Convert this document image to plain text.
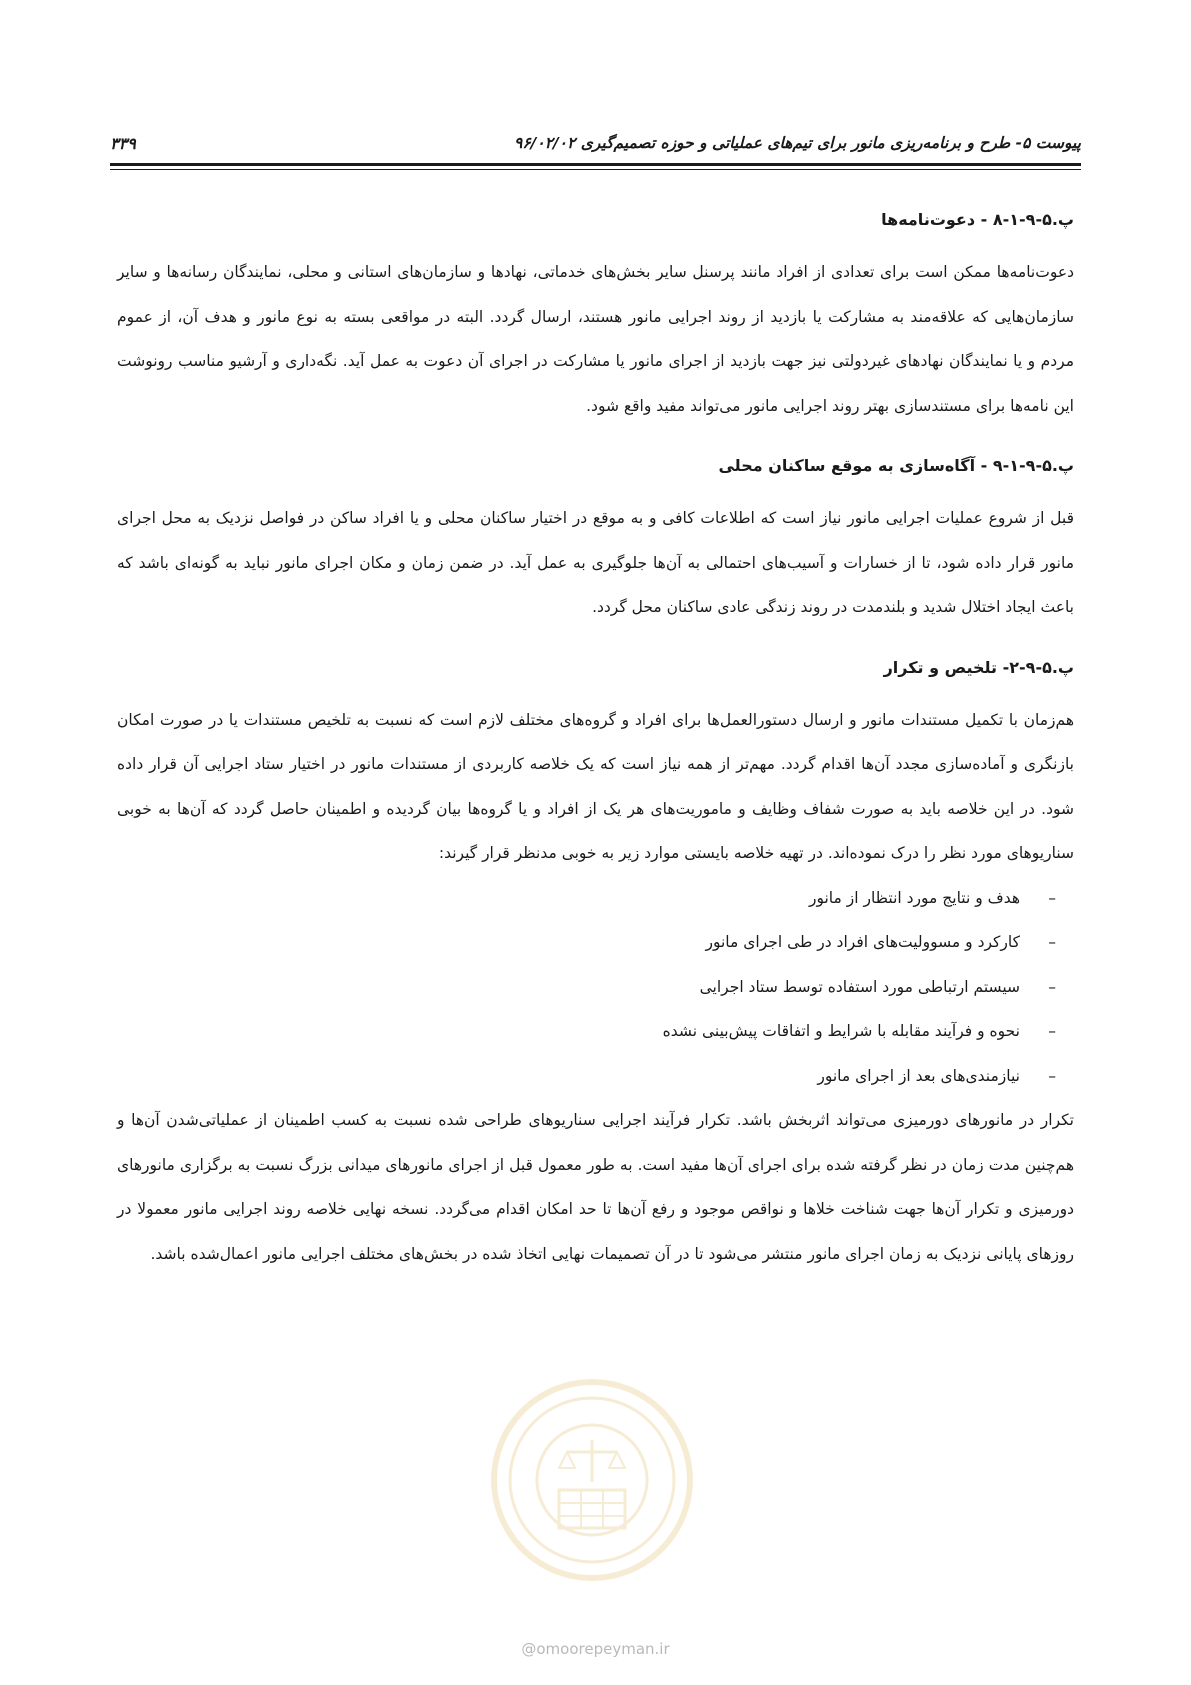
پیوست ۵- طرح و برنامه‌ریزی مانور برای تیم‌های عملیاتی و حوزه تصمیم‌گیری ۹۶/۰۲/۰۲
۳۳۹
پ.۵-۹-۱-۸ - دعوت‌نامه‌ها

دعوت‌نامه‌ها ممکن است برای تعدادی از افراد مانند پرسنل سایر بخش‌های خدماتی، نهادها و سازمان‌های استانی و محلی، نمایندگان رسانه‌ها و سایر سازمان‌هایی که علاقه‌مند به مشارکت یا بازدید از روند اجرایی مانور هستند، ارسال گردد. البته در مواقعی بسته به نوع مانور و هدف آن، از عموم مردم و یا نمایندگان نهادهای غیردولتی نیز جهت بازدید از اجرای مانور یا مشارکت در اجرای آن دعوت به عمل آید. نگه‌داری و آرشیو مناسب رونوشت این نامه‌ها برای مستندسازی بهتر روند اجرایی مانور می‌تواند مفید واقع شود.

پ.۵-۹-۱-۹ - آگاه‌سازی به موقع ساکنان محلی

قبل از شروع عملیات اجرایی مانور نیاز است که اطلاعات کافی و به موقع در اختیار ساکنان محلی و یا افراد ساکن در فواصل نزدیک به محل اجرای مانور قرار داده شود، تا از خسارات و آسیب‌های احتمالی به آن‌ها جلوگیری به عمل آید. در ضمن زمان و مکان اجرای مانور نباید به گونه‌ای باشد که باعث ایجاد اختلال شدید و بلندمدت در روند زندگی عادی ساکنان محل گردد.

پ.۵-۹-۲- تلخیص و تکرار

هم‌زمان با تکمیل مستندات مانور و ارسال دستورالعمل‌ها برای افراد و گروه‌های مختلف لازم است که نسبت به تلخیص مستندات یا در صورت امکان بازنگری و آماده‌سازی مجدد آن‌ها اقدام گردد. مهم‌تر از همه نیاز است که یک خلاصه کاربردی از مستندات مانور در اختیار ستاد اجرایی آن قرار داده شود. در این خلاصه باید به صورت شفاف وظایف و ماموریت‌های هر یک از افراد و یا گروه‌ها بیان گردیده و اطمینان حاصل گردد که آن‌ها به خوبی سناریوهای مورد نظر را درک نموده‌اند. در تهیه خلاصه بایستی موارد زیر به خوبی مدنظر قرار گیرند:

–
هدف و نتایج مورد انتظار از مانور
–
کارکرد و مسوولیت‌های افراد در طی اجرای مانور
–
سیستم ارتباطی مورد استفاده توسط ستاد اجرایی
–
نحوه و فرآیند مقابله با شرایط و اتفاقات پیش‌بینی نشده
–
نیازمندی‌های بعد از اجرای مانور

تکرار در مانورهای دورمیزی می‌تواند اثربخش باشد. تکرار فرآیند اجرایی سناریوهای طراحی شده نسبت به کسب اطمینان از عملیاتی‌شدن آن‌ها و هم‌چنین مدت زمان در نظر گرفته شده برای اجرای آن‌ها مفید است. به طور معمول قبل از اجرای مانورهای میدانی بزرگ نسبت به برگزاری مانورهای دورمیزی و تکرار آن‌ها جهت شناخت خلاها و نواقص موجود و رفع آن‌ها تا حد امکان اقدام می‌گردد. نسخه نهایی خلاصه روند اجرایی مانور معمولا در روزهای پایانی نزدیک به زمان اجرای مانور منتشر می‌شود تا در آن تصمیمات نهایی اتخاذ شده در بخش‌های مختلف اجرایی مانور اعمال‌شده باشد.

@omoorepeyman.ir
